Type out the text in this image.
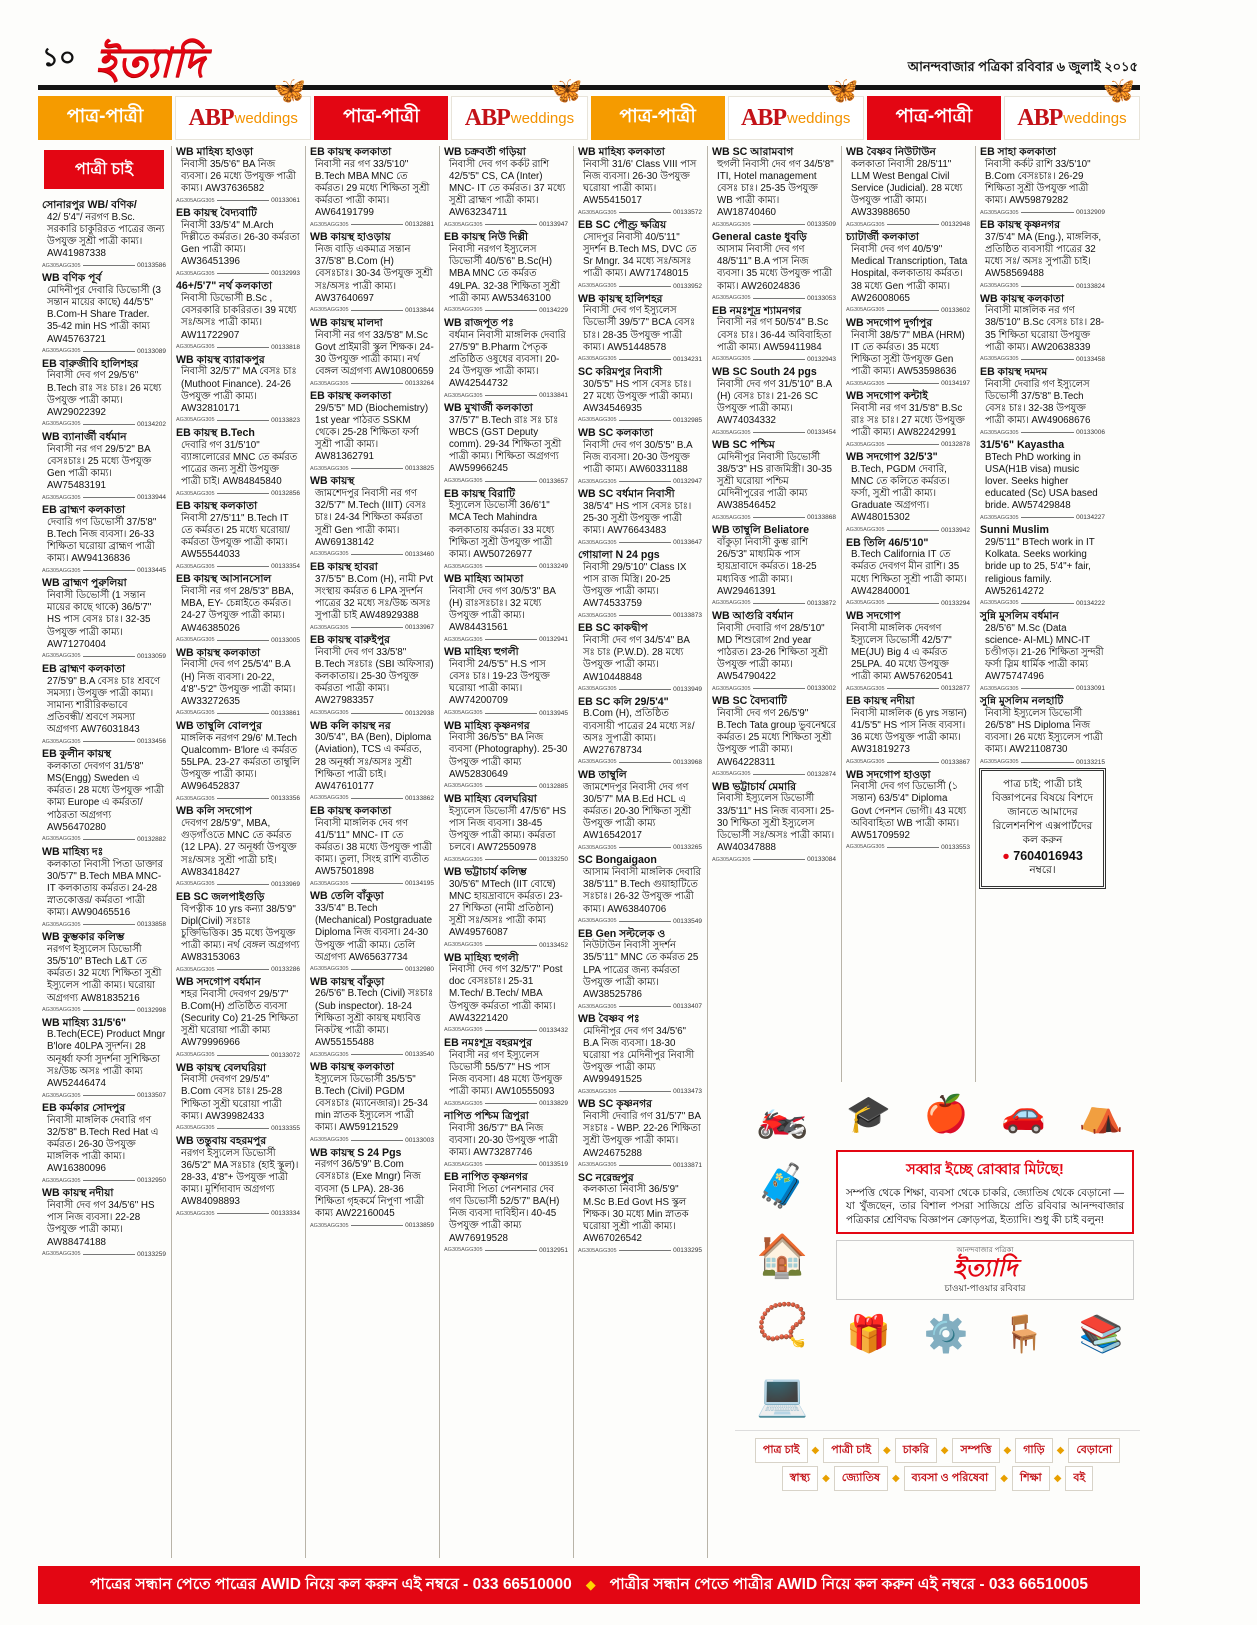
১০ ইত্যাদি	আনন্দবাজার পত্রিকা রবিবার ৬ জুলাই ২০১৫
পাত্র-পাত্রী
🦋
ABP weddings	পাত্র-পাত্রী
🦋
ABP weddings	পাত্র-পাত্রী
🦋
ABP weddings	পাত্র-পাত্রী
🦋
ABP weddings
পাত্রী চাই
সোনারপুর WB/ বণিক/
42/ 5'4''/ নরগণ B.Sc. সরকারি চাকুরিরত পাত্রের জন্য উপযুক্ত সুশ্রী পাত্রী কাম্য। AW41987338
AG305AGG305	00133586
WB বণিক পূর্ব
মেদিনীপুর দেবারি ডিভোর্সী (3 সন্তান মায়ের কাছে) 44/5'5" B.Com-H Share Trader. 35-42 min HS পাত্রী কাম্য AW45763721
AG305AGG305	00133089
EB বারুজীবি হালিশহর
নিবাসী দেব গণ 29/5'6" B.Tech রাঃ সঃ চাঃ। 26 মধ্যে উপযুক্ত পাত্রী কাম্য। AW29022392
AG305AGG305	00134202
WB ব্যানার্জী বর্ধমান
নিবাসী নর গণ 29/5'2" BA বেসঃচাঃ। 25 মধ্যে উপযুক্ত Gen পাত্রী কাম্য। AW75483191
AG305AGG305	00133944
EB ব্রাহ্মণ কলকাতা
দেবারি গণ ডিভোর্সী 37/5'8" B.Tech নিজ ব্যবসা। 26-33 শিক্ষিতা ঘরোয়া ব্রাহ্মণ পাত্রী কাম্য। AW94136836
AG305AGG305	00133445
WB ব্রাহ্মণ পুরুলিয়া
নিবাসী ডিভোর্সী (1 সন্তান মায়ের কাছে থাকে) 36/5'7" HS পাস বেসঃ চাঃ। 32-35 উপযুক্ত পাত্রী কাম্য। AW71270404
AG305AGG305	00133059
EB ব্রাহ্মণ কলকাতা
27/5'9" B.A বেসঃ চাঃ শ্রবণে সমস্যা। উপযুক্ত পাত্রী কাম্য। সামান্য শারীরিকভাবে প্রতিবন্ধী/ শ্রবণে সমস্যা অগ্রগণ্য AW76031843
AG305AGG305	00133456
EB কুলীন কায়স্থ
কলকাতা দেবগণ 31/5'8" MS(Engg) Sweden এ কর্মরত। 28 মধ্যে উপযুক্ত পাত্রী কাম্য Europe এ কর্মরতা/ পাঠরতা অগ্রগণ্য AW56470280
AG305AGG305	00132882
WB মাহিষ্য দঃ
কলকাতা নিবাসী পিতা ডাক্তার 30/5'7" B.Tech MBA MNC- IT কলকাতায় কর্মরত। 24-28 স্নাতকোত্তর/ কর্মরতা পাত্রী কাম্য। AW90465516
AG305AGG305	00133858
WB কুম্ভকার কলিম্ভ
নরগণ ইস্যুলেস ডিভোর্সী 35/5'10" BTech L&T তে কর্মরত। 32 মধ্যে শিক্ষিতা সুশ্রী ইস্যুলেস পাত্রী কাম্য। ঘরোয়া অগ্রগণ্য AW81835216
AG305AGG305	00132998
WB মাহিষ্য 31/5'6"
B.Tech(ECE) Product Mngr B'lore 40LPA সুদর্শন। 28 অনূর্ধ্বা ফর্সা সুদর্শনা সুশিক্ষিতা সঃ/উচ্চ অসঃ পাত্রী কাম্য AW52446474
AG305AGG305	00133507
EB কর্মকার সোদপুর
নিবাসী মাঙ্গলিক দেবারি গণ 32/5'8" B.Tech Red Hat এ কর্মরত। 26-30 উপযুক্ত মাঙ্গলিক পাত্রী কাম্য। AW16380096
AG305AGG305	00132950
WB কায়স্থ নদীয়া
নিবাসী দেব গণ 34/5'6" HS পাস নিজ ব্যবসা। 22-28 উপযুক্ত পাত্রী কাম্য। AW88474188
AG305AGG305	00133259
WB মাহিষ্য হাওড়া
নিবাসী 35/5'6" BA নিজ ব্যবসা। 26 মধ্যে উপযুক্ত পাত্রী কাম্য। AW37636582
AG305AGG305	00133061
EB কায়স্থ বৈদ্যবাটি
নিবাসী 33/5'4" M.Arch দিল্লীতে কর্মরত। 26-30 কর্মরতা Gen পাত্রী কাম্য। AW36451396
AG305AGG305	00132993
46+/5'7" নর্থ কলকাতা
নিবাসী ডিভোর্সী B.Sc , বেসরকারি চাকরিরত। 39 মধ্যে সঃ/অসঃ পাত্রী কাম্য। AW11722907
AG305AGG305	00133818
WB কায়স্থ ব্যারাকপুর
নিবাসী 32/5'7" MA বেসঃ চাঃ (Muthoot Finance). 24-26 উপযুক্ত পাত্রী কাম্য। AW32810171
AG305AGG305	00133823
EB কায়স্থ B.Tech
দেবারি গণ 31/5'10" ব্যাঙ্গালোরের MNC তে কর্মরত পাত্রের জন্য সুশ্রী উপযুক্ত পাত্রী চাই। AW84845840
AG305AGG305	00132856
EB কায়স্থ কলকাতা
নিবাসী 27/5'11" B.Tech IT তে কর্মরত। 25 মধ্যে ঘরোয়া/ কর্মরতা উপযুক্ত পাত্রী কাম্য। AW55544033
AG305AGG305	00133354
EB কায়স্থ আসানসোল
নিবাসী নর গণ 28/5'3" BBA, MBA, EY- চেন্নাইতে কর্মরত। 24-27 উপযুক্ত পাত্রী কাম্য। AW46385026
AG305AGG305	00133005
WB কায়স্থ কলকাতা
নিবাসী দেব গণ 25/5'4" B.A (H) নিজ ব্যবসা। 20-22, 4'8"-5'2" উপযুক্ত পাত্রী কাম্য। AW33272635
AG305AGG305	00133861
WB তাম্বুলি বোলপুর
মাঙ্গলিক নরগণ 29/6' M.Tech Qualcomm- B'lore এ কর্মরত 55LPA. 23-27 কর্মরতা তাম্বুলি উপযুক্ত পাত্রী কাম্য। AW96452837
AG305AGG305	00133356
WB কলি সদগোপ
দেবগণ 28/5'9'', MBA, গুড়গাঁওতে MNC তে কর্মরত (12 LPA). 27 অনূর্ধ্বা উপযুক্ত সঃ/অসঃ সুশ্রী পাত্রী চাই। AW83418427
AG305AGG305	00133969
EB SC জলপাইগুড়ি
বিপত্নীক 10 yrs কন্যা 38/5'9" Dipl(Civil) সঃচাঃ চুক্তিভিত্তিক। 35 মধ্যে উপযুক্ত পাত্রী কাম্য। নর্থ বেঙ্গল অগ্রগণ্য AW83153063
AG305AGG305	00133286
WB সদগোপ বর্ধমান
শহর নিবাসী দেবগণ 29/5'7" B.Com(H) প্রতিষ্ঠিত ব্যবসা (Security Co) 21-25 শিক্ষিতা সুশ্রী ঘরোয়া পাত্রী কাম্য AW79996966
AG305AGG305	00133072
WB কায়স্থ বেলঘরিয়া
নিবাসী দেবগণ 29/5'4" B.Com বেসঃ চাঃ। 25-28 শিক্ষিতা সুশ্রী ঘরোয়া পাত্রী কাম্য। AW39982433
AG305AGG305	00133355
WB তন্তুবায় বহরমপুর
নরগণ ইস্যুলেস ডিভোর্সী 36/5'2" MA সঃচাঃ (হাই স্কুল)। 28-33, 4'8"+ উপযুক্ত পাত্রী কাম্য। মুর্শিদাবাদ অগ্রগণ্য AW84098893
AG305AGG305	00133334
EB কায়স্থ কলকাতা
নিবাসী নর গণ 33/5'10" B.Tech MBA MNC তে কর্মরত। 29 মধ্যে শিক্ষিতা সুশ্রী কর্মরতা পাত্রী কাম্য। AW64191799
AG305AGG305	00132881
WB কায়স্থ হাওড়ায়
নিজ বাড়ি একমাত্র সন্তান 37/5'8" B.Com (H) বেসঃচাঃ। 30-34 উপযুক্ত সুশ্রী সঃ/অসঃ পাত্রী কাম্য। AW37640697
AG305AGG305	00133844
WB কায়স্থ মালদা
নিবাসী নর গণ 33/5'8" M.Sc Govt প্রাইমারী স্কুল শিক্ষক। 24-30 উপযুক্ত পাত্রী কাম্য। নর্থ বেঙ্গল অগ্রগণ্য AW10800659
AG305AGG305	00133264
EB কায়স্থ কলকাতা
29/5'5" MD (Biochemistry) 1st year পাঠরত SSKM থেকে। 25-28 শিক্ষিতা ফর্সা সুশ্রী পাত্রী কাম্য। AW81362791
AG305AGG305	00133825
WB কায়স্থ
জামশেদপুর নিবাসী নর গণ 32/5'7" M.Tech (IIIT) বেসঃ চাঃ। 24-34 শিক্ষিতা কর্মরতা সুশ্রী Gen পাত্রী কাম্য। AW69138142
AG305AGG305	00133460
EB কায়স্থ হাবরা
37/5'5" B.Com (H), নামী Pvt সংস্থায় কর্মরত 6 LPA সুদর্শন পাত্রের 32 মধ্যে সঃ/উচ্চ অসঃ সুপাত্রী চাই AW48929388
AG305AGG305	00133967
EB কায়স্থ বারুইপুর
নিবাসী দেব গণ 33/5'8" B.Tech সঃচাঃ (SBI অফিসার) কলকাতায়। 25-30 উপযুক্ত কর্মরতা পাত্রী কাম্য। AW27983357
AG305AGG305	00132938
WB কলি কায়স্থ নর
30/5'4'', BA (Ben), Diploma (Aviation), TCS এ কর্মরত, 28 অনূর্ধ্বা সঃ/অসঃ সুশ্রী শিক্ষিতা পাত্রী চাই। AW47610177
AG305AGG305	00133862
EB কায়স্থ কলকাতা
নিবাসী মাঙ্গলিক দেব গণ 41/5'11" MNC- IT তে কর্মরত। 38 মধ্যে উপযুক্ত পাত্রী কাম্য। তুলা, সিংহ রাশি ব্যতীত AW57501898
AG305AGG305	00134195
WB তেলি বাঁকুড়া
33/5'4" B.Tech (Mechanical) Postgraduate Diploma নিজ ব্যবসা। 24-30 উপযুক্ত পাত্রী কাম্য। তেলি অগ্রগণ্য AW65637734
AG305AGG305	00132980
WB কায়স্থ বাঁকুড়া
26/5'6" B.Tech (Civil) সঃচাঃ (Sub inspector). 18-24 শিক্ষিতা সুশ্রী কায়স্থ মধ্যবিত্ত নিকটস্থ পাত্রী কাম্য। AW55155488
AG305AGG305	00133540
WB কায়স্থ কলকাতা
ইস্যুলেস ডিভোর্সী 35/5'5" B.Tech (Civil) PGDM বেসঃচাঃ (ম্যানেজার)। 25-34 min স্নাতক ইস্যুলেস পাত্রী কাম্য। AW59121529
AG305AGG305	00133003
WB কায়স্থ S 24 Pgs
নরগণ 36/5'9" B.Com বেসঃচাঃ (Exe Mngr) নিজ ব্যবসা (5 LPA). 28-36 শিক্ষিতা গৃহকর্মে নিপুণা পাত্রী কাম্য AW22160045
AG305AGG305	00133859
WB চক্রবর্তী গড়িয়া
নিবাসী দেব গণ কর্কট রাশি 42/5'5" CS, CA (Inter) MNC- IT তে কর্মরত। 37 মধ্যে সুশ্রী ব্রাহ্মণ পাত্রী কাম্য। AW63234711
AG305AGG305	00133947
EB কায়স্থ নিউ দিল্লী
নিবাসী নরগণ ইস্যুলেস ডিভোর্সী 40/5'6" B.Sc(H) MBA MNC তে কর্মরত 49LPA. 32-38 শিক্ষিতা সুশ্রী পাত্রী কাম্য AW53463100
AG305AGG305	00134229
WB রাজপূত পঃ
বর্ধমান নিবাসী মাঙ্গলিক দেবারি 27/5'9" B.Pharm পৈতৃক প্রতিষ্ঠিত ওষুধের ব্যবসা। 20-24 উপযুক্ত পাত্রী কাম্য। AW42544732
AG305AGG305	00133841
WB মুখার্জী কলকাতা
37/5'7" B.Tech রাঃ সঃ চাঃ WBCS (GST Deputy comm). 29-34 শিক্ষিতা সুশ্রী পাত্রী কাম্য। শিক্ষিতা অগ্রগণ্য AW59966245
AG305AGG305	00133657
EB কায়স্থ বিরাটি
ইস্যুলেস ডিভোর্সী 36/6'1" MCA Tech Mahindra কলকাতায় কর্মরত। 33 মধ্যে শিক্ষিতা সুশ্রী উপযুক্ত পাত্রী কাম্য। AW50726977
AG305AGG305	00133249
WB মাহিষ্য আমতা
নিবাসী দেব গণ 30/5'3" BA (H) রাঃসঃচাঃ। 32 মধ্যে উপযুক্ত পাত্রী কাম্য। AW84431561
AG305AGG305	00132941
WB মাহিষ্য হুগলী
নিবাসী 24/5'5" H.S পাস বেসঃ চাঃ। 19-23 উপযুক্ত ঘরোয়া পাত্রী কাম্য। AW74200709
AG305AGG305	00133945
WB মাহিষ্য কৃষ্ণনগর
নিবাসী 36/5'5" BA নিজ ব্যবসা (Photography). 25-30 উপযুক্ত পাত্রী কাম্য AW52830649
AG305AGG305	00132885
WB মাহিষ্য বেলঘরিয়া
ইস্যুলেস ডিভোর্সী 47/5'6" HS পাস নিজ ব্যবসা। 38-45 উপযুক্ত পাত্রী কাম্য। কর্মরতা চলবে। AW72550978
AG305AGG305	00133250
WB ভট্টাচার্য কলিম্ভ
30/5'6" MTech (IIT বোম্বে) MNC হায়দ্রাবাদে কর্মরত। 23-27 শিক্ষিতা (নামী প্রতিষ্ঠান) সুশ্রী সঃ/অসঃ পাত্রী কাম্য AW49576087
AG305AGG305	00133452
WB মাহিষ্য হুগলী
নিবাসী দেব গণ 32/5'7" Post doc বেসঃচাঃ। 25-31 M.Tech/ B.Tech/ MBA উপযুক্ত কর্মরতা পাত্রী কাম্য। AW43221420
AG305AGG305	00133432
EB নমঃশূদ্র বহরমপুর
নিবাসী নর গণ ইস্যুলেস ডিভোর্সী 55/5'7" HS পাস নিজ ব্যবসা। 48 মধ্যে উপযুক্ত পাত্রী কাম্য। AW10555093
AG305AGG305	00133829
নাপিত পশ্চিম ত্রিপুরা
নিবাসী 36/5'7" BA নিজ ব্যবসা। 20-30 উপযুক্ত পাত্রী কাম্য। AW73287746
AG305AGG305	00133519
EB নাপিত কৃষ্ণনগর
নিবাসী পিতা পেনশনার দেব গণ ডিভোর্সী 52/5'7" BA(H) নিজ ব্যবসা দাবিহীন। 40-45 উপযুক্ত পাত্রী কাম্য AW76919528
AG305AGG305	00132951
WB মাহিষ্য কলকাতা
নিবাসী 31/6' Class VIII পাস নিজ ব্যবসা। 26-30 উপযুক্ত ঘরোয়া পাত্রী কাম্য। AW55415017
AG305AGG305	00133572
EB SC পৌণ্ড্র ক্ষত্রিয়
সোদপুর নিবাসী 40/5'11" সুদর্শন B.Tech MS, DVC তে Sr Mngr. 34 মধ্যে সঃ/অসঃ পাত্রী কাম্য। AW71748015
AG305AGG305	00133952
WB কায়স্থ হালিশহর
নিবাসী দেব গণ ইস্যুলেস ডিভোর্সী 39/5'7" BCA বেসঃ চাঃ। 28-35 উপযুক্ত পাত্রী কাম্য। AW51448578
AG305AGG305	00134231
SC করিমপুর নিবাসী
30/5'5" HS পাস বেসঃ চাঃ। 27 মধ্যে উপযুক্ত পাত্রী কাম্য। AW34546935
AG305AGG305	00132985
WB SC কলকাতা
নিবাসী দেব গণ 30/5'5" B.A নিজ ব্যবসা। 20-30 উপযুক্ত পাত্রী কাম্য। AW60331188
AG305AGG305	00132947
WB SC বর্ধমান নিবাসী
38/5'4" HS পাস বেসঃ চাঃ। 25-30 সুশ্রী উপযুক্ত পাত্রী কাম্য। AW76643483
AG305AGG305	00133647
গোয়ালা N 24 pgs
নিবাসী 29/5'10" Class IX পাস রাজ মিস্ত্রি। 20-25 উপযুক্ত পাত্রী কাম্য। AW74533759
AG305AGG305	00133873
EB SC কাকদ্বীপ
নিবাসী দেব গণ 34/5'4" BA সঃ চাঃ (P.W.D). 28 মধ্যে উপযুক্ত পাত্রী কাম্য। AW10448848
AG305AGG305	00133949
EB SC কলি 29/5'4"
B.Com (H), প্রতিষ্ঠিত ব্যবসায়ী পাত্রের 24 মধ্যে সঃ/ অসঃ সুপাত্রী কাম্য। AW27678734
AG305AGG305	00133968
WB তাম্বুলি
জামশেদপুর নিবাসী দেব গণ 30/5'7" MA B.Ed HCL এ কর্মরত। 20-30 শিক্ষিতা সুশ্রী উপযুক্ত পাত্রী কাম্য AW16542017
AG305AGG305	00133265
SC Bongaigaon
আসাম নিবাসী মাঙ্গলিক দেবারি 38/5'11" B.Tech গুয়াহাটিতে সঃচাঃ। 26-32 উপযুক্ত পাত্রী কাম্য। AW63840706
AG305AGG305	00133549
EB Gen সল্টলেক ও
নিউটাউন নিবাসী সুদর্শন 35/5'11'' MNC তে কর্মরত 25 LPA পাত্রের জন্য কর্মরতা উপযুক্ত পাত্রী কাম্য। AW38525786
AG305AGG305	00133407
WB বৈষ্ণব পঃ
মেদিনীপুর দেব গণ 34/5'6" B.A নিজ ব্যবসা। 18-30 ঘরোয়া পঃ মেদিনীপুর নিবাসী উপযুক্ত পাত্রী কাম্য AW99491525
AG305AGG305	00133473
WB SC কৃষ্ণনগর
নিবাসী দেবারি গণ 31/5'7" BA সঃচাঃ - WBP. 22-26 শিক্ষিতা সুশ্রী উপযুক্ত পাত্রী কাম্য। AW24675288
AG305AGG305	00133871
SC নরেন্দ্রপুর
কলকাতা নিবাসী 36/5'9" M.Sc B.Ed Govt HS স্কুল শিক্ষক। 30 মধ্যে Min স্নাতক ঘরোয়া সুশ্রী পাত্রী কাম্য। AW67026542
AG305AGG305	00133295
WB SC আরামবাগ
হুগলী নিবাসী দেব গণ 34/5'8" ITI, Hotel management বেসঃ চাঃ। 25-35 উপযুক্ত WB পাত্রী কাম্য। AW18740460
AG305AGG305	00133509
General caste ধুবড়ি
আসাম নিবাসী দেব গণ 48/5'11" B.A পাস নিজ ব্যবসা। 35 মধ্যে উপযুক্ত পাত্রী কাম্য। AW26024836
AG305AGG305	00133053
EB নমঃশূদ্র শ্যামনগর
নিবাসী নর গণ 50/5'4" B.Sc বেসঃ চাঃ। 36-44 অবিবাহিতা পাত্রী কাম্য। AW59411984
AG305AGG305	00132943
WB SC South 24 pgs
নিবাসী দেব গণ 31/5'10" B.A (H) বেসঃ চাঃ। 21-26 SC উপযুক্ত পাত্রী কাম্য। AW74034332
AG305AGG305	00133454
WB SC পশ্চিম
মেদিনীপুর নিবাসী ডিভোর্সী 38/5'3" HS রাজমিস্ত্রী। 30-35 সুশ্রী ঘরোয়া পশ্চিম মেদিনীপুরের পাত্রী কাম্য AW38546452
AG305AGG305	00133868
WB তাম্বুলি Beliatore
বাঁকুড়া নিবাসী কুম্ভ রাশি 26/5'3" মাধ্যমিক পাস হায়দ্রাবাদে কর্মরত। 18-25 মধ্যবিত্ত পাত্রী কাম্য। AW29461391
AG305AGG305	00133872
WB আগুরি বর্ধমান
নিবাসী দেবারি গণ 28/5'10" MD শিশুরোগ 2nd year পাঠরত। 23-26 শিক্ষিতা সুশ্রী উপযুক্ত পাত্রী কাম্য। AW54790422
AG305AGG305	00133002
WB SC বৈদ্যবাটি
নিবাসী দেব গণ 26/5'9" B.Tech Tata group ভুবনেশ্বরে কর্মরত। 25 মধ্যে শিক্ষিতা সুশ্রী উপযুক্ত পাত্রী কাম্য। AW64228311
AG305AGG305	00132874
WB ভট্টাচার্য মেমারি
নিবাসী ইস্যুলেস ডিভোর্সী 33/5'11" HS নিজ ব্যবসা। 25-30 শিক্ষিতা সুশ্রী ইস্যুলেস ডিভোর্সী সঃ/অসঃ পাত্রী কাম্য। AW40347888
AG305AGG305	00133084
WB বৈষ্ণব নিউটাউন
কলকাতা নিবাসী 28/5'11" LLM West Bengal Civil Service (Judicial). 28 মধ্যে উপযুক্ত পাত্রী কাম্য। AW33988650
AG305AGG305	00132948
চ্যাটার্জী কলকাতা
নিবাসী দেব গণ 40/5'9" Medical Transcription, Tata Hospital, কলকাতায় কর্মরত। 38 মধ্যে Gen পাত্রী কাম্য। AW26008065
AG305AGG305	00133602
WB সদগোপ দুর্গাপুর
নিবাসী 38/5'7" MBA (HRM) IT তে কর্মরত। 35 মধ্যে শিক্ষিতা সুশ্রী উপযুক্ত Gen পাত্রী কাম্য। AW53598636
AG305AGG305	00134197
WB সদগোপ কন্টাই
নিবাসী নর গণ 31/5'8" B.Sc রাঃ সঃ চাঃ। 27 মধ্যে উপযুক্ত পাত্রী কাম্য। AW82242991
AG305AGG305	00132878
WB সদগোপ 32/5'3"
B.Tech, PGDM দেবারি, MNC তে কলিতে কর্মরত। ফর্সা, সুশ্রী পাত্রী কাম্য। Graduate অগ্রগণ্য। AW48015302
AG305AGG305	00133942
EB তিলি 46/5'10"
B.Tech California IT তে কর্মরত দেবগণ মীন রাশি। 35 মধ্যে শিক্ষিতা সুশ্রী পাত্রী কাম্য। AW42840001
AG305AGG305	00133294
WB সদগোপ
নিবাসী মাঙ্গলিক দেবগণ ইস্যুলেস ডিভোর্সী 42/5'7" ME(JU) Big 4 এ কর্মরত 25LPA. 40 মধ্যে উপযুক্ত পাত্রী কাম্য AW57620541
AG305AGG305	00132877
EB কায়স্থ নদীয়া
নিবাসী মাঙ্গলিক (6 yrs সন্তান) 41/5'5" HS পাস নিজ ব্যবসা। 36 মধ্যে উপযুক্ত পাত্রী কাম্য। AW31819273
AG305AGG305	00133867
WB সদগোপ হাওড়া
নিবাসী দেব গণ ডিভোর্সী (১ সন্তান) 63/5'4" Diploma Govt পেনশন ভোগী। 43 মধ্যে অবিবাহিতা WB পাত্রী কাম্য। AW51709592
AG305AGG305	00133553
EB সাহা কলকাতা
নিবাসী কর্কট রাশি 33/5'10" B.Com বেসঃচাঃ। 26-29 শিক্ষিতা সুশ্রী উপযুক্ত পাত্রী কাম্য। AW59879282
AG305AGG305	00132909
EB কায়স্থ কৃষ্ণনগর
37/5'4" MA (Eng.), মাঙ্গলিক, প্রতিষ্ঠিত ব্যবসায়ী পাত্রের 32 মধ্যে সঃ/ অসঃ সুপাত্রী চাই। AW58569488
AG305AGG305	00133824
WB কায়স্থ কলকাতা
নিবাসী মাঙ্গলিক নর গণ 38/5'10" B.Sc বেসঃ চাঃ। 28-35 শিক্ষিতা ঘরোয়া উপযুক্ত পাত্রী কাম্য। AW20638339
AG305AGG305	00133458
EB কায়স্থ দমদম
নিবাসী দেবারি গণ ইস্যুলেস ডিভোর্সী 37/5'8" B.Tech বেসঃ চাঃ। 32-38 উপযুক্ত পাত্রী কাম্য। AW49068676
AG305AGG305	00133006
31/5'6" Kayastha
BTech PhD working in USA(H1B visa) music lover. Seeks higher educated (Sc) USA based bride. AW57429848
AG305AGG305	00134227
Sunni Muslim
29/5'11" BTech work in IT Kolkata. Seeks working bride up to 25, 5'4"+ fair, religious family. AW52614272
AG305AGG305	00134222
সুন্নি মুসলিম বর্ধমান
28/5'6" M.Sc (Data science- AI-ML) MNC-IT চণ্ডীগড়। 21-26 শিক্ষিতা সুন্দরী ফর্সা স্লিম ধার্মিক পাত্রী কাম্য AW75747496
AG305AGG305	00133091
সুন্নি মুসলিম নলহাটি
নিবাসী ইস্যুলেস ডিভোর্সী 26/5'8" HS Diploma নিজ ব্যবসা। 26 মধ্যে ইস্যুলেস পাত্রী কাম্য। AW21108730
AG305AGG305	00133215
পাত্র চাই; পাত্রী চাই বিজ্ঞাপনের বিষয়ে বিশদে জানতে আমাদের রিলেশনশিপ এক্সপার্টদের কল করুন
● 7604016943
নম্বরে।
🏍️
🧳
🏠
📿
💻
🎓 🍎 🚗 ⛺
সব্বার ইচ্ছে রোব্বার মিটছে!
সম্পত্তি থেকে শিক্ষা, ব্যবসা থেকে চাকরি, জ্যোতিষ থেকে বেড়ানো — যা খুঁজছেন, তার বিশাল পসরা সাজিয়ে প্রতি রবিবার আনন্দবাজার পত্রিকার শ্রেণিবদ্ধ বিজ্ঞাপন ক্রোড়পত্র, ইত্যাদি। শুধু কী চাই বলুন!
আনন্দবাজার পত্রিকা
ইত্যাদি
চাওয়া-পাওয়ার রবিবার
🎁 ⚙️ 🪑 📚
পাত্র চাই	◆	পাত্রী চাই	◆	চাকরি	◆	সম্পত্তি	◆	গাড়ি	◆	বেড়ানো
স্বাস্থ্য	◆	জ্যোতিষ	◆	ব্যবসা ও পরিষেবা	◆	শিক্ষা	◆	বই
পাত্রের সন্ধান পেতে পাত্রের AWID নিয়ে কল করুন এই নম্বরে - 033 66510000 ◆ পাত্রীর সন্ধান পেতে পাত্রীর AWID নিয়ে কল করুন এই নম্বরে - 033 66510005
